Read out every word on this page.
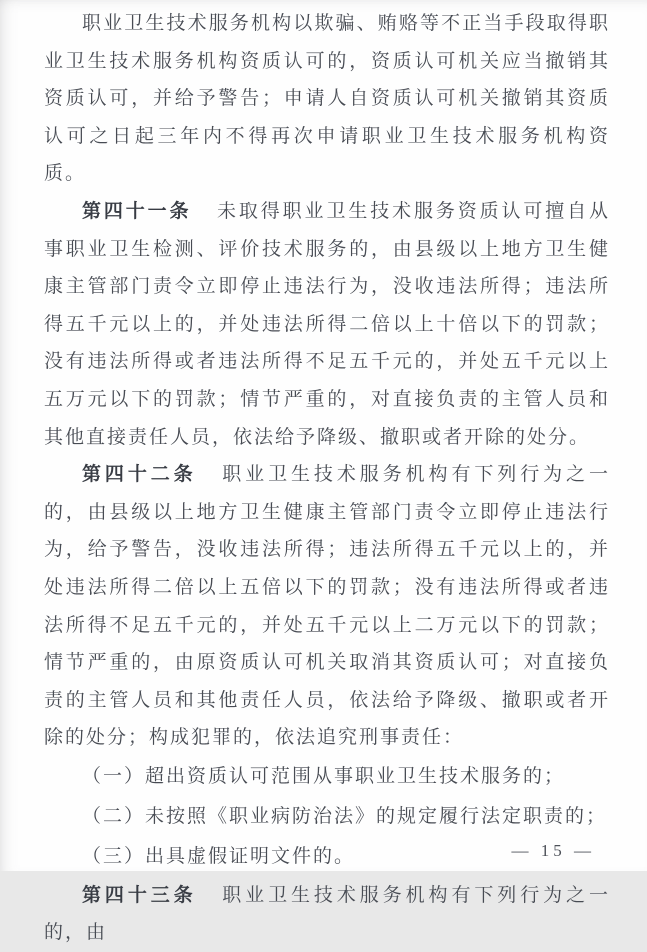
职业卫生技术服务机构以欺骗、贿赂等不正当手段取得职业卫生技术服务机构资质认可的，资质认可机关应当撤销其资质认可，并给予警告；申请人自资质认可机关撤销其资质认可之日起三年内不得再次申请职业卫生技术服务机构资质。

第四十一条 未取得职业卫生技术服务资质认可擅自从事职业卫生检测、评价技术服务的，由县级以上地方卫生健康主管部门责令立即停止违法行为，没收违法所得；违法所得五千元以上的，并处违法所得二倍以上十倍以下的罚款；没有违法所得或者违法所得不足五千元的，并处五千元以上五万元以下的罚款；情节严重的，对直接负责的主管人员和其他直接责任人员，依法给予降级、撤职或者开除的处分。

第四十二条 职业卫生技术服务机构有下列行为之一的，由县级以上地方卫生健康主管部门责令立即停止违法行为，给予警告，没收违法所得；违法所得五千元以上的，并处违法所得二倍以上五倍以下的罚款；没有违法所得或者违法所得不足五千元的，并处五千元以上二万元以下的罚款；情节严重的，由原资质认可机关取消其资质认可；对直接负责的主管人员和其他责任人员，依法给予降级、撤职或者开除的处分；构成犯罪的，依法追究刑事责任：

（一）超出资质认可范围从事职业卫生技术服务的；

（二）未按照《职业病防治法》的规定履行法定职责的；

（三）出具虚假证明文件的。

第四十三条 职业卫生技术服务机构有下列行为之一的，由

— 15 —
